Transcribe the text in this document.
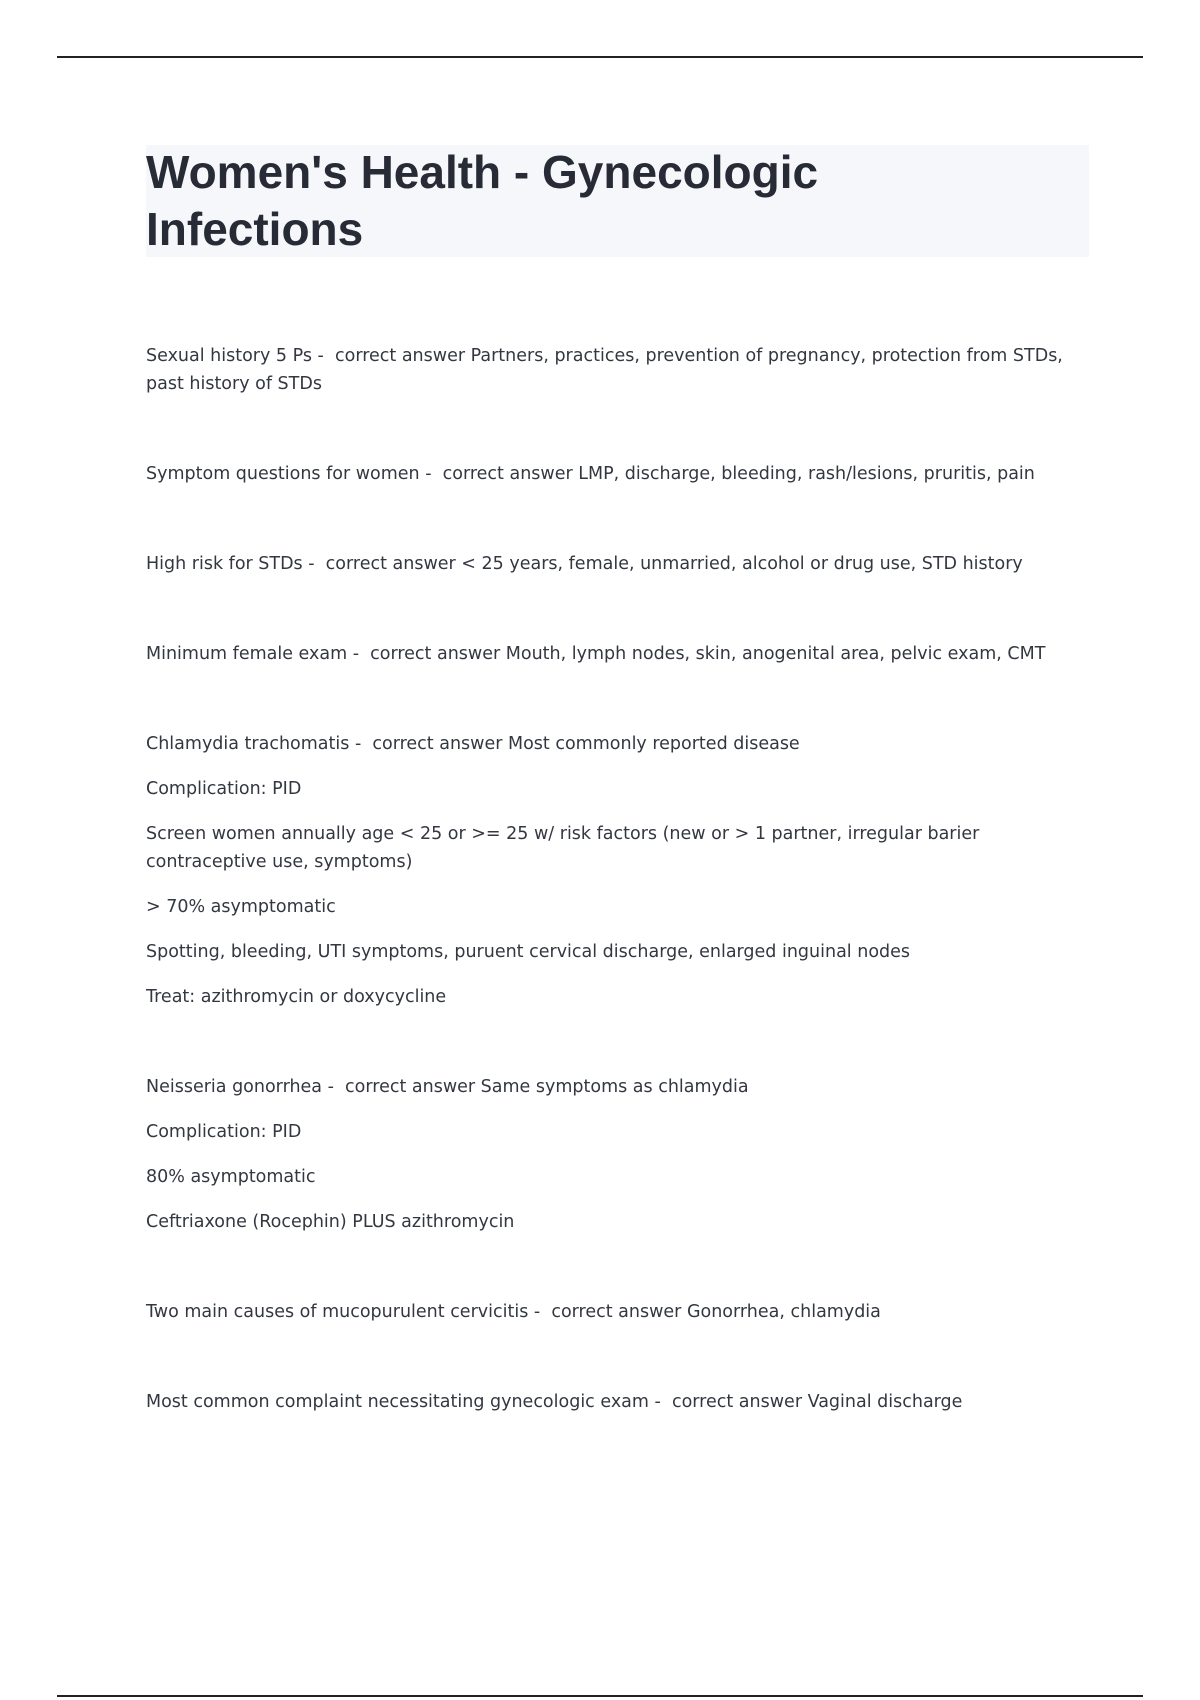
Women's Health - Gynecologic Infections
Sexual history 5 Ps -  correct answer Partners, practices, prevention of pregnancy, protection from STDs, past history of STDs
Symptom questions for women -  correct answer LMP, discharge, bleeding, rash/lesions, pruritis, pain
High risk for STDs -  correct answer < 25 years, female, unmarried, alcohol or drug use, STD history
Minimum female exam -  correct answer Mouth, lymph nodes, skin, anogenital area, pelvic exam, CMT
Chlamydia trachomatis -  correct answer Most commonly reported disease
Complication: PID
Screen women annually age < 25 or >= 25 w/ risk factors (new or > 1 partner, irregular barier contraceptive use, symptoms)
> 70% asymptomatic
Spotting, bleeding, UTI symptoms, puruent cervical discharge, enlarged inguinal nodes
Treat: azithromycin or doxycycline
Neisseria gonorrhea -  correct answer Same symptoms as chlamydia
Complication: PID
80% asymptomatic
Ceftriaxone (Rocephin) PLUS azithromycin
Two main causes of mucopurulent cervicitis -  correct answer Gonorrhea, chlamydia
Most common complaint necessitating gynecologic exam -  correct answer Vaginal discharge
